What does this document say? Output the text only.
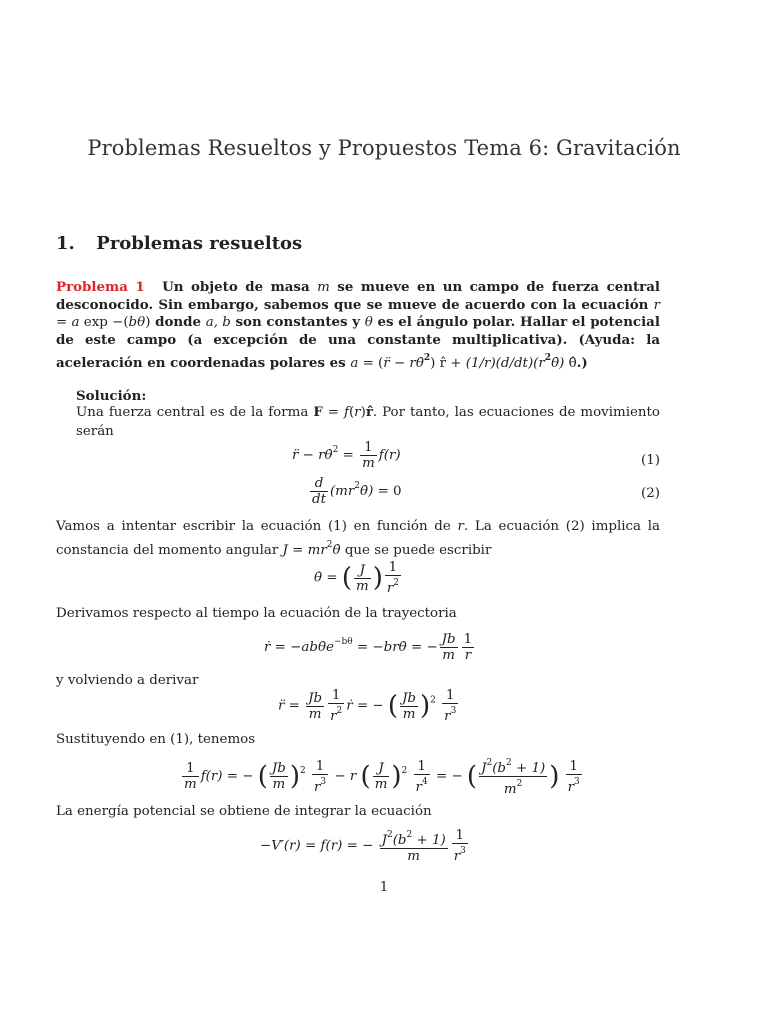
Problemas Resueltos y Propuestos Tema 6: Gravitación
1. Problemas resueltos
Problema 1 Un objeto de masa m se mueve en un campo de fuerza central desconocido. Sin embargo, sabemos que se mueve de acuerdo con la ecuación r = a exp −(bθ) donde a, b son constantes y θ es el ángulo polar. Hallar el potencial de este campo (a excepción de una constante multiplicativa). (Ayuda: la aceleración en coordenadas polares es a = (r̈ − rθ̇$^2$) r̂ + $(1/r)(d/dt)(r^2\thetȧ)$ θ̂.)
Solución:
Una fuerza central es de la forma F = f(r)r̂. Por tanto, las ecuaciones de movimiento serán
r̈ − rθ̇$^2$ = $\frac{1}{m} f(r)$	(1)
$\frac{d}{dt}$ $(mr^2\thetȧ) = 0$	(2)
Vamos a intentar escribir la ecuación (1) en función de r. La ecuación (2) implica la constancia del momento angular $J = mr^2\thetȧ$ que se puede escribir
θ̇ = ( $\frac{J}{m}$ ) $\frac{1}{r^2}$
Derivamos respecto al tiempo la ecuación de la trayectoria
ṙ = $-ab\thetȧe^{-b\theta}$ = −brθ̇ = − $\frac{Jb}{m} \frac{1}{r}$
y volviendo a derivar
r̈ = $\frac{Jb}{m} \frac{1}{r^2}$ ṙ = − ( $\frac{Jb}{m} )^2 \frac{1}{r^3}$
Sustituyendo en (1), tenemos
$\frac{1}{m} f(r)$ = − ( $\frac{Jb}{m} )^2 \frac{1}{r^3} - r$ ( $\frac{J}{m} )^2 \frac{1}{r^4}$ = − ( $\frac{J^2(b^2 + 1)}{m^2}$ ) $\frac{1}{r^3}$
La energía potencial se obtiene de integrar la ecuación
−V′(r) = f(r) = − $\frac{J^2(b^2 + 1)}{m} \frac{1}{r^3}$
1
